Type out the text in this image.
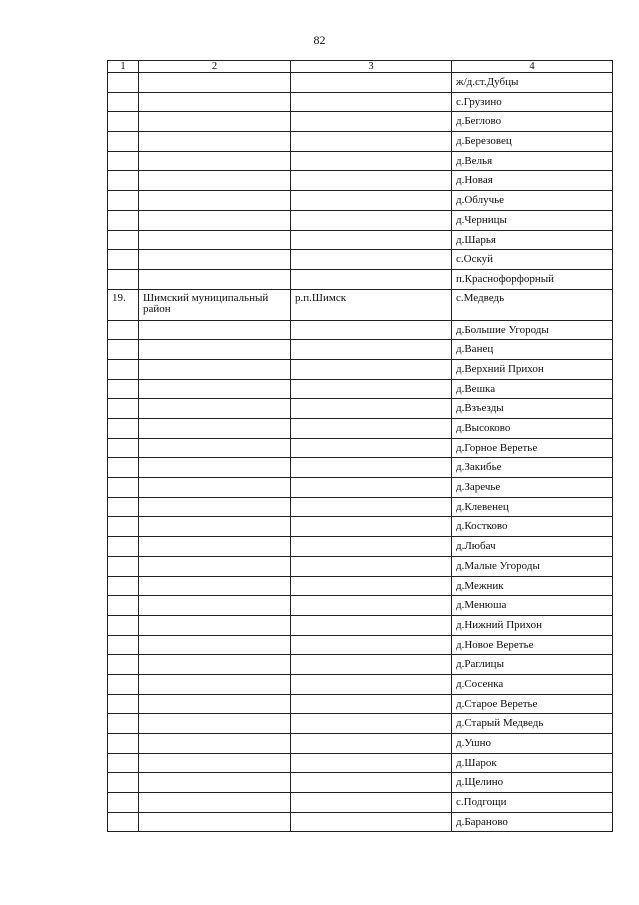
82
1	2	3	4
			ж/д.ст.Дубцы
			с.Грузино
			д.Беглово
			д.Березовец
			д.Велья
			д.Новая
			д.Облучье
			д.Черницы
			д.Шарья
			с.Оскуй
			п.Краснофорфорный
19.	Шимский муниципальный район	р.п.Шимск	с.Медведь
			д.Большие Угороды
			д.Ванец
			д.Верхний Прихон
			д.Вешка
			д.Взъезды
			д.Высоково
			д.Горное Веретье
			д.Закибье
			д.Заречье
			д.Клевенец
			д.Костково
			д.Любач
			д.Малые Угороды
			д.Межник
			д.Менюша
			д.Нижний Прихон
			д.Новое Веретье
			д.Раглицы
			д.Сосенка
			д.Старое Веретье
			д.Старый Медведь
			д.Ушно
			д.Шарок
			д.Щелино
			с.Подгощи
			д.Бараново
